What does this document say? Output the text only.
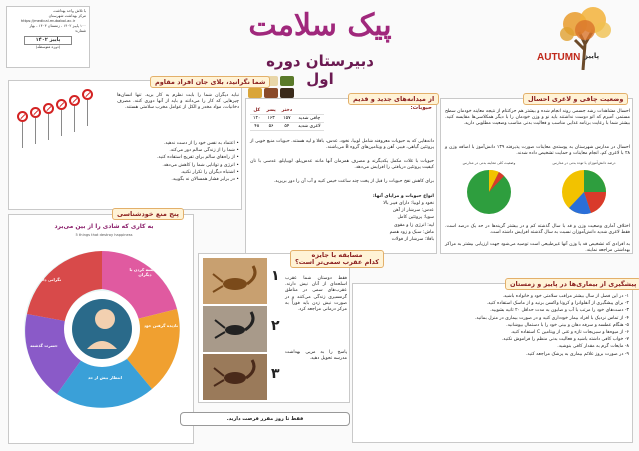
با تلاش واحد بهداشت
مرکز بهداشت شهرستان
https://medical.mubabol.ac.ir
۱۰۰ پاییز ۱۴۰۲ - زمستان ۱۴۰۳ - بهار
شماره:
پاییز ۱۴۰۲
(دوره متوسطه)
پیک سلامت
دبیرستان دوره اول
AUTUMN پاییز
احسال مشاهدات رشد جسمی روند انجام شده و بیشتر هم حرکتنام از نتیجه معاینه خودمان سطح مستمر، آمیزم که اتو دوست نداشتند باید نو و وزن خودمان را با دیگر همکلاسی‌ها مقایسه کنید. بیشتر شما با رعایت برنامه غذایی مناسب و فعالیت بدنی مناسب وضعیت مطلوبی دارید.
احسال در مدارس شهرستان به پوسته‌ی معاینات صورت پذیرفته ۱۳۹ دانش‌آموز با اضافه وزن و ۲۸ با لاغری کم، انجام معاینات و حمایت تشخیص داده شدند.
وضعیت کلی معاینه بدنی در مدارس	درصد دانش‌آموزان با توده بدنی در مدارس
اختلاف آماری وضعیت وزن و قد با سال گذشته کم و در بیشتر گزینه‌ها در حد یک درصد است. فقط لاغری شدید دانش‌آموزان نسبت به سال گذشته افزایش داشته است.
به افرادی که تشخیص قد یا وزن آنها غیرطبیعی است توصیه می‌شود جهت ارزیابی بیشتر به مراکز بهداشتی مراجعه نمایند.
وضعیت چاقی و لاغری احسال

۱- در این فصل از سال بیشتر مراقب سلامتی خود و خانواده باشید.

۲- برای پیشگیری از آنفلوانزا و کرونا واکسن بزنید و از ماسک استفاده کنید.

۳- دست‌های خود را مرتب با آب و صابون به مدت حداقل ۲۰ ثانیه بشویید.

۴- از تماس نزدیک با افراد بیمار خودداری کنید و در صورت بیماری در منزل بمانید.

۵- هنگام عطسه و سرفه دهان و بینی خود را با دستمال بپوشانید.

۶- از میوه‌ها و سبزیجات تازه و غنی از ویتامین C استفاده کنید.

۷- خواب کافی داشته باشید و فعالیت بدنی منظم را فراموش نکنید.

۸- مایعات گرم به مقدار کافی بنوشید.

۹- در صورت بروز علائم بیماری به پزشک مراجعه کنید.

پیشگیری از بیماری‌ها در پاییز و زمستان
	دختر	پسر	کل
چاقی شدید	۱۵۷	۱۶۳	۱۲۰
لاغری شدید	۵۴	۵۶	۴۸
حبوبات:
دانه‌هایی که به حبوبات معروفند شامل لوبیا، نخود، عدس، باقلا و لپه هستند. حبوبات منبع خوبی از پروتئین گیاهی، فیبر، آهن و ویتامین‌های گروه B می‌باشند.
حبوبات با غلات مکمل یکدیگرند و مصرف همزمان آنها مانند عدس‌پلو، لوبیاپلو، عدسی با نان کیفیت پروتئین دریافتی را افزایش می‌دهد.
برای کاهش نفخ حبوبات را قبل از پخت چند ساعت خیس کنید و آب آن را دور بریزید.
انواع حبوبات و مزایای آنها:

نخود و لوبیا: دارای فیبر بالا

عدس: سرشار از آهن

سویا: پروتئین کامل

لپه: انرژی زا و مقوی

ماش: سبک و زود هضم

باقلا: سرشار از فولات

از میدانه‌های جدید و قدیم
۱
۲
۳
فقط دوستان شما عقرب اسلحه‌ای از آنان نیش دارند. عقرب‌های سمی در مناطق گرمسیری زندگی می‌کنند و در صورت نیش زدن باید فوراً به مرکز درمانی مراجعه کرد.
پاسخ را به مربی بهداشت مدرسه تحویل دهید.
مسابقه با جایزه
کدام عقرب سمی‌تر است؟
نباید دیگران شما را بابت نظرم به کار برید. تنها انسان‌ها چیزهایی که کار را می‌دانند و باید از آنها دوری کنند. مصرف دخانیات، مواد مخدر و الکل از عوامل مخرب سلامتی هستند.

• اعتماد به نفس خود را از دست ندهید.

• شما را از زندگی سالم دور می‌کند.

• از راه‌های سالم برای تفریح استفاده کنید.

• انرژی و توانایی شما را کاهش می‌دهد.

• اشتباه دیگران را تکرار نکنید.

• در برابر فشار همسالان نه بگویید.

شما نگرانید، بلای جان افراد مقاوم
به کاری که شادی را از بین می‌برد
5 things that destroy happiness
مقایسه کردن با دیگران
نادیده گرفتن خود
انتظار بیش از حد
حسرت گذشته
نگرانی دائمی
پنج منع خودشناسی
فقط تا روز مقرر فرصت دارید.
